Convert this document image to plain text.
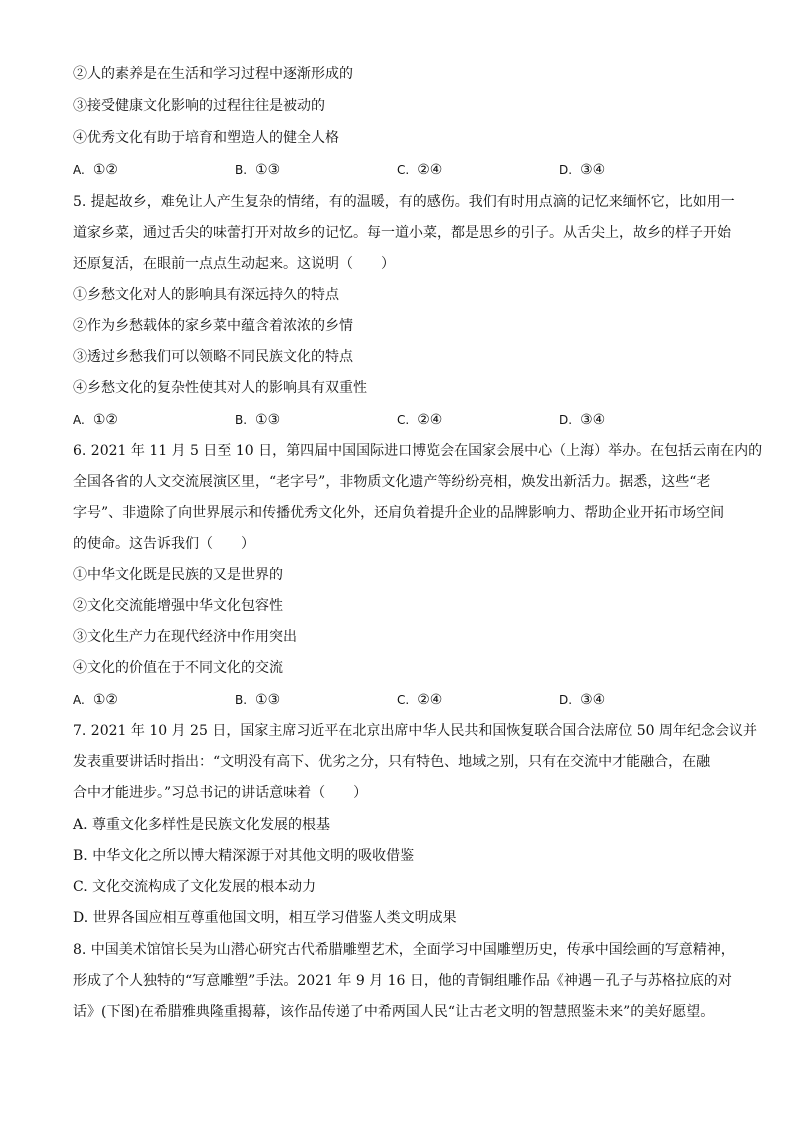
②人的素养是在生活和学习过程中逐渐形成的
③接受健康文化影响的过程往往是被动的
④优秀文化有助于培育和塑造人的健全人格
A. ①②	B. ①③	C. ②④	D. ③④
5. 提起故乡，难免让人产生复杂的情绪，有的温暖，有的感伤。我们有时用点滴的记忆来缅怀它，比如用一
道家乡菜，通过舌尖的味蕾打开对故乡的记忆。每一道小菜，都是思乡的引子。从舌尖上，故乡的样子开始
还原复活，在眼前一点点生动起来。这说明（　　）
①乡愁文化对人的影响具有深远持久的特点
②作为乡愁载体的家乡菜中蕴含着浓浓的乡情
③透过乡愁我们可以领略不同民族文化的特点
④乡愁文化的复杂性使其对人的影响具有双重性
A. ①②	B. ①③	C. ②④	D. ③④
6. 2021 年 11 月 5 日至 10 日，第四届中国国际进口博览会在国家会展中心（上海）举办。在包括云南在内的
全国各省的人文交流展演区里，“老字号”，非物质文化遗产等纷纷亮相，焕发出新活力。据悉，这些“老
字号”、非遗除了向世界展示和传播优秀文化外，还肩负着提升企业的品牌影响力、帮助企业开拓市场空间
的使命。这告诉我们（　　）
①中华文化既是民族的又是世界的
②文化交流能增强中华文化包容性
③文化生产力在现代经济中作用突出
④文化的价值在于不同文化的交流
A. ①②	B. ①③	C. ②④	D. ③④
7. 2021 年 10 月 25 日，国家主席习近平在北京出席中华人民共和国恢复联合国合法席位 50 周年纪念会议并
发表重要讲话时指出：“文明没有高下、优劣之分，只有特色、地域之别，只有在交流中才能融合，在融
合中才能进步。”习总书记的讲话意味着（　　）
A. 尊重文化多样性是民族文化发展的根基
B. 中华文化之所以博大精深源于对其他文明的吸收借鉴
C. 文化交流构成了文化发展的根本动力
D. 世界各国应相互尊重他国文明，相互学习借鉴人类文明成果
8. 中国美术馆馆长吴为山潜心研究古代希腊雕塑艺术，全面学习中国雕塑历史，传承中国绘画的写意精神，
形成了个人独特的“写意雕塑”手法。2021 年 9 月 16 日，他的青铜组雕作品《神遇－孔子与苏格拉底的对
话》(下图)在希腊雅典隆重揭幕，该作品传递了中希两国人民“让古老文明的智慧照鉴未来”的美好愿望。
